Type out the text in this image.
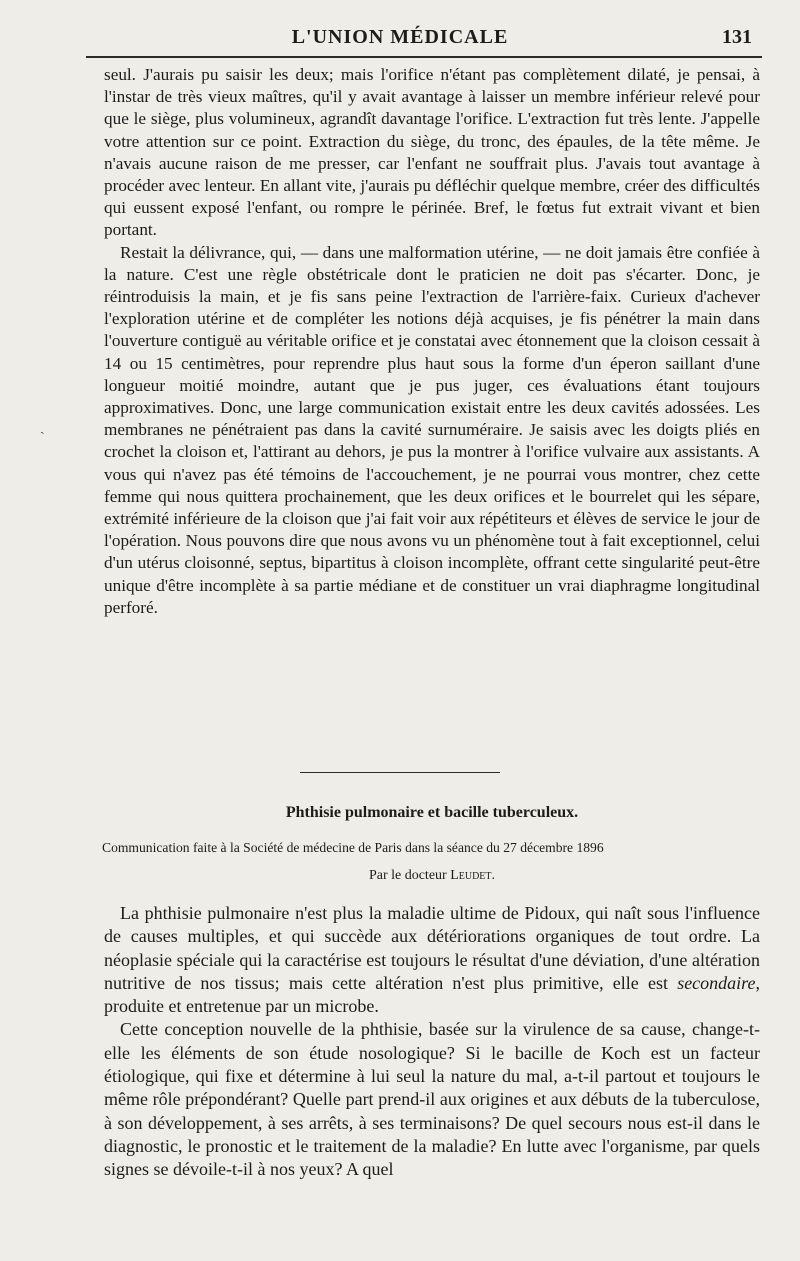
L'UNION MÉDICALE	131
ˏ

seul. J'aurais pu saisir les deux; mais l'orifice n'étant pas complètement dilaté, je pensai, à l'instar de très vieux maîtres, qu'il y avait avantage à laisser un membre inférieur relevé pour que le siège, plus volumineux, agrandît davantage l'orifice. L'extraction fut très lente. J'appelle votre attention sur ce point. Extraction du siège, du tronc, des épaules, de la tête même. Je n'avais aucune raison de me presser, car l'enfant ne souffrait plus. J'avais tout avantage à procéder avec lenteur. En allant vite, j'aurais pu défléchir quelque membre, créer des difficultés qui eussent exposé l'enfant, ou rompre le périnée. Bref, le fœtus fut extrait vivant et bien portant.

Restait la délivrance, qui, — dans une malformation utérine, — ne doit jamais être confiée à la nature. C'est une règle obstétricale dont le praticien ne doit pas s'écarter. Donc, je réintroduisis la main, et je fis sans peine l'extraction de l'arrière-faix. Curieux d'achever l'exploration utérine et de compléter les notions déjà acquises, je fis pénétrer la main dans l'ouverture contiguë au véritable orifice et je constatai avec étonnement que la cloison cessait à 14 ou 15 centimètres, pour reprendre plus haut sous la forme d'un éperon saillant d'une longueur moitié moindre, autant que je pus juger, ces évaluations étant toujours approximatives. Donc, une large communication existait entre les deux cavités adossées. Les membranes ne pénétraient pas dans la cavité surnuméraire. Je saisis avec les doigts pliés en crochet la cloison et, l'attirant au dehors, je pus la montrer à l'orifice vulvaire aux assistants. A vous qui n'avez pas été témoins de l'accouchement, je ne pourrai vous montrer, chez cette femme qui nous quittera prochainement, que les deux orifices et le bourrelet qui les sépare, extrémité inférieure de la cloison que j'ai fait voir aux répétiteurs et élèves de service le jour de l'opération. Nous pouvons dire que nous avons vu un phénomène tout à fait exceptionnel, celui d'un utérus cloisonné, septus, bipartitus à cloison incomplète, offrant cette singularité peut-être unique d'être incomplète à sa partie médiane et de constituer un vrai diaphragme longitudinal perforé.

Phthisie pulmonaire et bacille tuberculeux.
Communication faite à la Société de médecine de Paris dans la séance du 27 décembre 1896
Par le docteur Leudet.

La phthisie pulmonaire n'est plus la maladie ultime de Pidoux, qui naît sous l'influence de causes multiples, et qui succède aux détériorations organiques de tout ordre. La néoplasie spéciale qui la caractérise est toujours le résultat d'une déviation, d'une altération nutritive de nos tissus; mais cette altération n'est plus primitive, elle est secondaire, produite et entretenue par un microbe.

Cette conception nouvelle de la phthisie, basée sur la virulence de sa cause, change-t-elle les éléments de son étude nosologique? Si le bacille de Koch est un facteur étiologique, qui fixe et détermine à lui seul la nature du mal, a-t-il partout et toujours le même rôle prépondérant? Quelle part prend-il aux origines et aux débuts de la tuberculose, à son développement, à ses arrêts, à ses terminaisons? De quel secours nous est-il dans le diagnostic, le pronostic et le traitement de la maladie? En lutte avec l'organisme, par quels signes se dévoile-t-il à nos yeux? A quel
